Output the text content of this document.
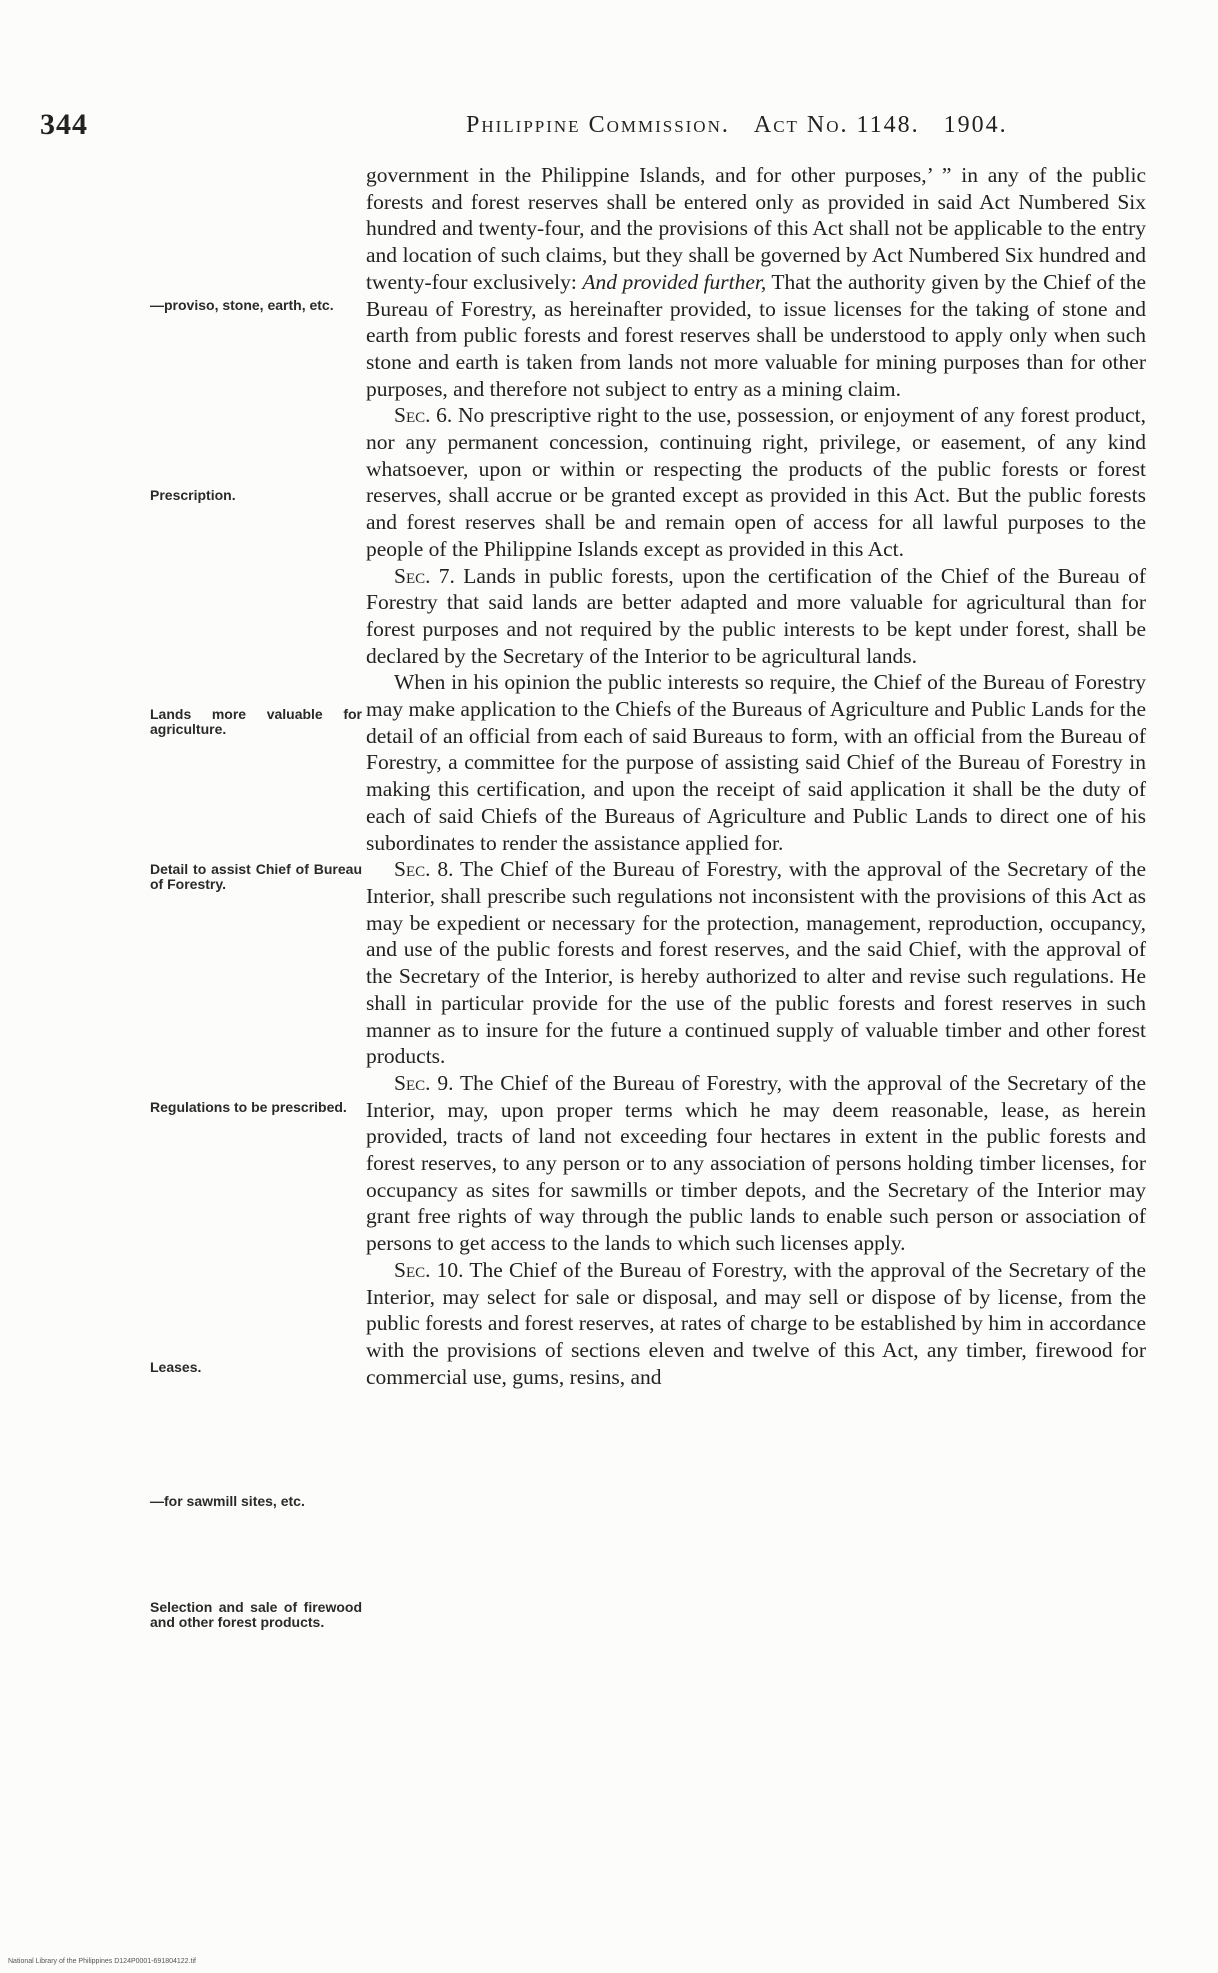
344	Philippine Commission. Act No. 1148. 1904.
—proviso, stone, earth, etc.
Prescription.
Lands more valuable for agriculture.
Detail to assist Chief of Bureau of Forestry.
Regulations to be prescribed.
Leases.
—for sawmill sites, etc.
Selection and sale of firewood and other forest products.

government in the Philippine Islands, and for other purposes,’ ” in any of the public forests and forest reserves shall be entered only as provided in said Act Numbered Six hundred and twenty-four, and the provisions of this Act shall not be applicable to the entry and location of such claims, but they shall be governed by Act Numbered Six hundred and twenty-four exclusively: And provided further, That the authority given by the Chief of the Bureau of Forestry, as hereinafter provided, to issue licenses for the taking of stone and earth from public forests and forest reserves shall be understood to apply only when such stone and earth is taken from lands not more valuable for mining purposes than for other purposes, and therefore not subject to entry as a mining claim.

Sec. 6. No prescriptive right to the use, possession, or enjoyment of any forest product, nor any permanent concession, continuing right, privilege, or easement, of any kind whatsoever, upon or within or respecting the products of the public forests or forest reserves, shall accrue or be granted except as provided in this Act. But the public forests and forest reserves shall be and remain open of access for all lawful purposes to the people of the Philippine Islands except as provided in this Act.

Sec. 7. Lands in public forests, upon the certification of the Chief of the Bureau of Forestry that said lands are better adapted and more valuable for agricultural than for forest purposes and not required by the public interests to be kept under forest, shall be declared by the Secretary of the Interior to be agricultural lands.

When in his opinion the public interests so require, the Chief of the Bureau of Forestry may make application to the Chiefs of the Bureaus of Agriculture and Public Lands for the detail of an official from each of said Bureaus to form, with an official from the Bureau of Forestry, a committee for the purpose of assisting said Chief of the Bureau of Forestry in making this certification, and upon the receipt of said application it shall be the duty of each of said Chiefs of the Bureaus of Agriculture and Public Lands to direct one of his subordinates to render the assistance applied for.

Sec. 8. The Chief of the Bureau of Forestry, with the approval of the Secretary of the Interior, shall prescribe such regulations not inconsistent with the provisions of this Act as may be expedient or necessary for the protection, management, reproduction, occupancy, and use of the public forests and forest reserves, and the said Chief, with the approval of the Secretary of the Interior, is hereby authorized to alter and revise such regulations. He shall in particular provide for the use of the public forests and forest reserves in such manner as to insure for the future a continued supply of valuable timber and other forest products.

Sec. 9. The Chief of the Bureau of Forestry, with the approval of the Secretary of the Interior, may, upon proper terms which he may deem reasonable, lease, as herein provided, tracts of land not exceeding four hectares in extent in the public forests and forest reserves, to any person or to any association of persons holding timber licenses, for occupancy as sites for sawmills or timber depots, and the Secretary of the Interior may grant free rights of way through the public lands to enable such person or association of persons to get access to the lands to which such licenses apply.

Sec. 10. The Chief of the Bureau of Forestry, with the approval of the Secretary of the Interior, may select for sale or disposal, and may sell or dispose of by license, from the public forests and forest reserves, at rates of charge to be established by him in accordance with the provisions of sections eleven and twelve of this Act, any timber, firewood for commercial use, gums, resins, and

National Library of the Philippines D124P0001-691804122.tif
